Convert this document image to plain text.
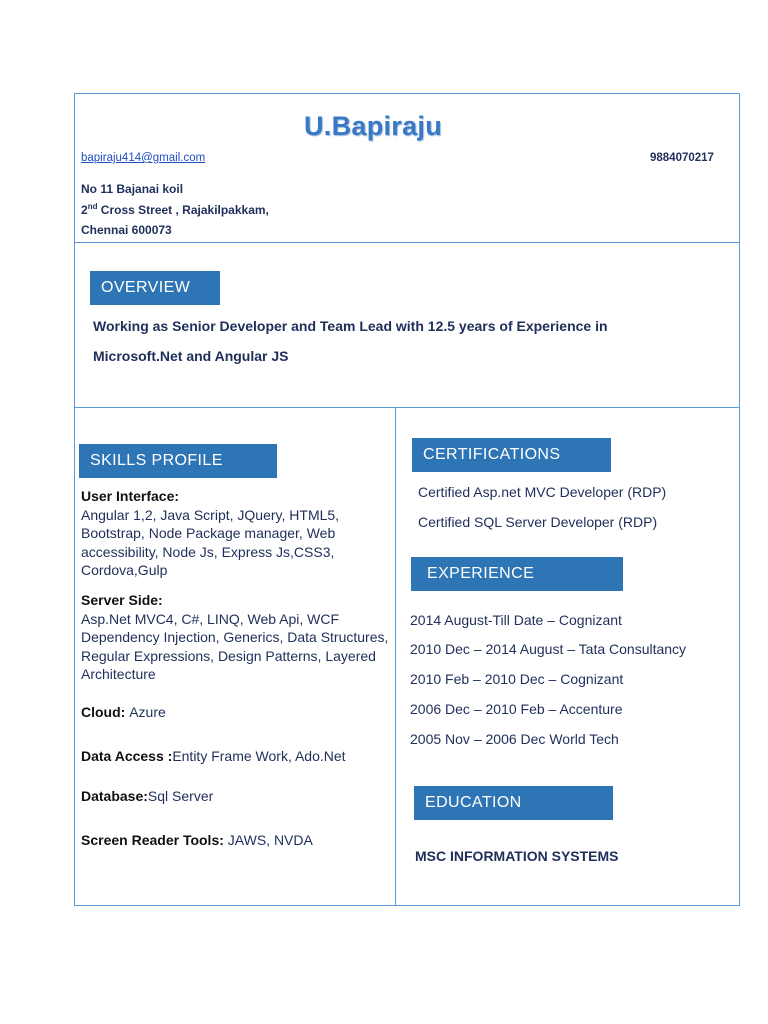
U.Bapiraju
bapiraju414@gmail.com	9884070217
No 11 Bajanai koil
2nd Cross Street , Rajakilpakkam,
Chennai 600073
OVERVIEW
Working as Senior Developer and Team Lead with 12.5 years of Experience in
Microsoft.Net and Angular JS
SKILLS PROFILE
User Interface:
Angular 1,2, Java Script, JQuery, HTML5, Bootstrap, Node Package manager, Web accessibility, Node Js, Express Js,CSS3, Cordova,Gulp
Server Side:
Asp.Net MVC4, C#, LINQ, Web Api, WCF Dependency Injection, Generics, Data Structures, Regular Expressions, Design Patterns, Layered Architecture
Cloud: Azure
Data Access :Entity Frame Work, Ado.Net
Database:Sql Server
Screen Reader Tools: JAWS, NVDA
CERTIFICATIONS
Certified Asp.net MVC Developer (RDP)
Certified SQL Server Developer (RDP)
EXPERIENCE
2014 August-Till Date – Cognizant
2010 Dec – 2014 August – Tata Consultancy
2010 Feb – 2010 Dec – Cognizant
2006 Dec – 2010 Feb – Accenture
2005 Nov – 2006 Dec World Tech
EDUCATION
MSC INFORMATION SYSTEMS
